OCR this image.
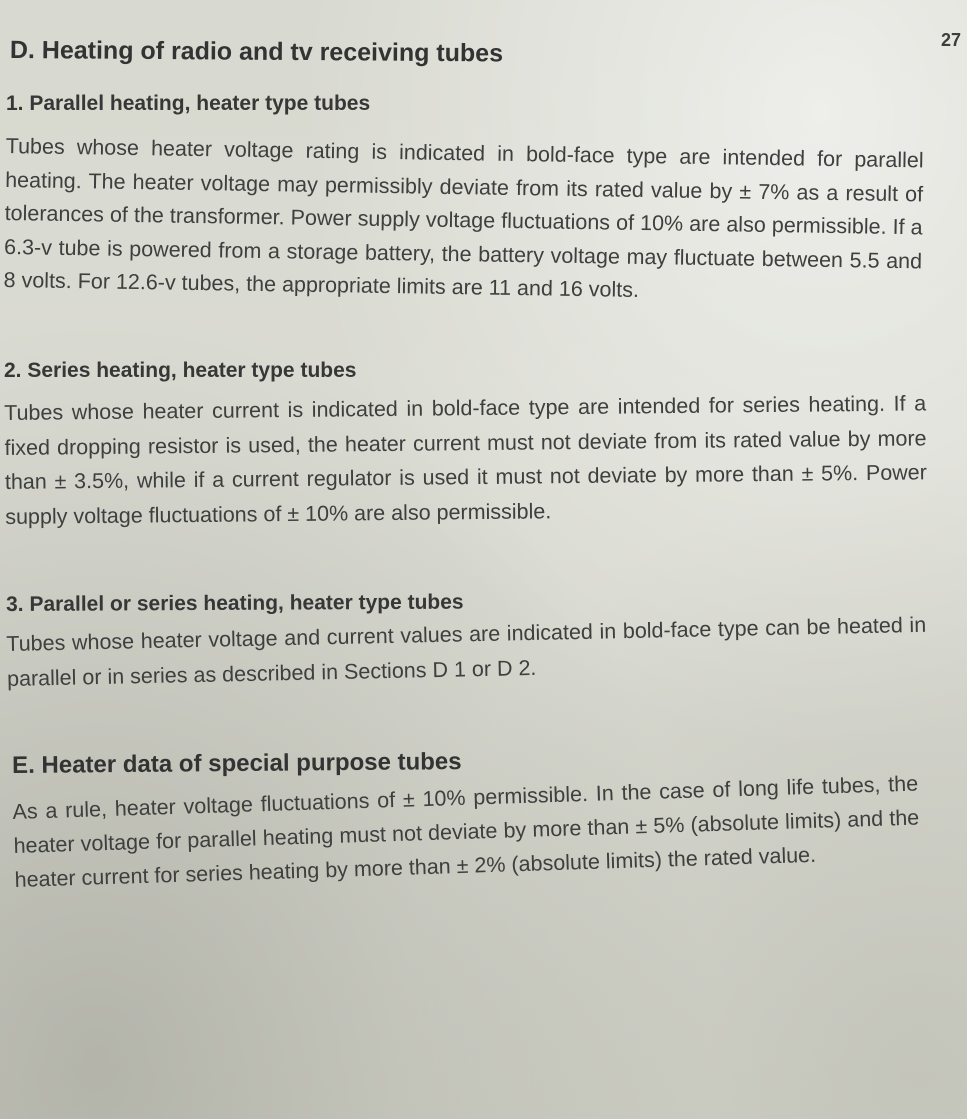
27
D. Heating of radio and tv receiving tubes
1. Parallel heating, heater type tubes
Tubes whose heater voltage rating is indicated in bold-face type are intended for parallel heating. The heater voltage may permissibly deviate from its rated value by ± 7% as a result of tolerances of the transformer. Power supply voltage fluctuations of 10% are also permissible. If a 6.3-v tube is powered from a storage battery, the battery voltage may fluctuate between 5.5 and 8 volts. For 12.6-v tubes, the appropriate limits are 11 and 16 volts.
2. Series heating, heater type tubes
Tubes whose heater current is indicated in bold-face type are intended for series heating. If a fixed dropping resistor is used, the heater current must not deviate from its rated value by more than ± 3.5%, while if a current regulator is used it must not deviate by more than ± 5%. Power supply voltage fluctuations of ± 10% are also permissible.
3. Parallel or series heating, heater type tubes
Tubes whose heater voltage and current values are indicated in bold-face type can be heated in parallel or in series as described in Sections D 1 or D 2.
E. Heater data of special purpose tubes
As a rule, heater voltage fluctuations of ± 10% permissible. In the case of long life tubes, the heater voltage for parallel heating must not deviate by more than ± 5% (absolute limits) and the heater current for series heating by more than ± 2% (absolute limits) the rated value.
